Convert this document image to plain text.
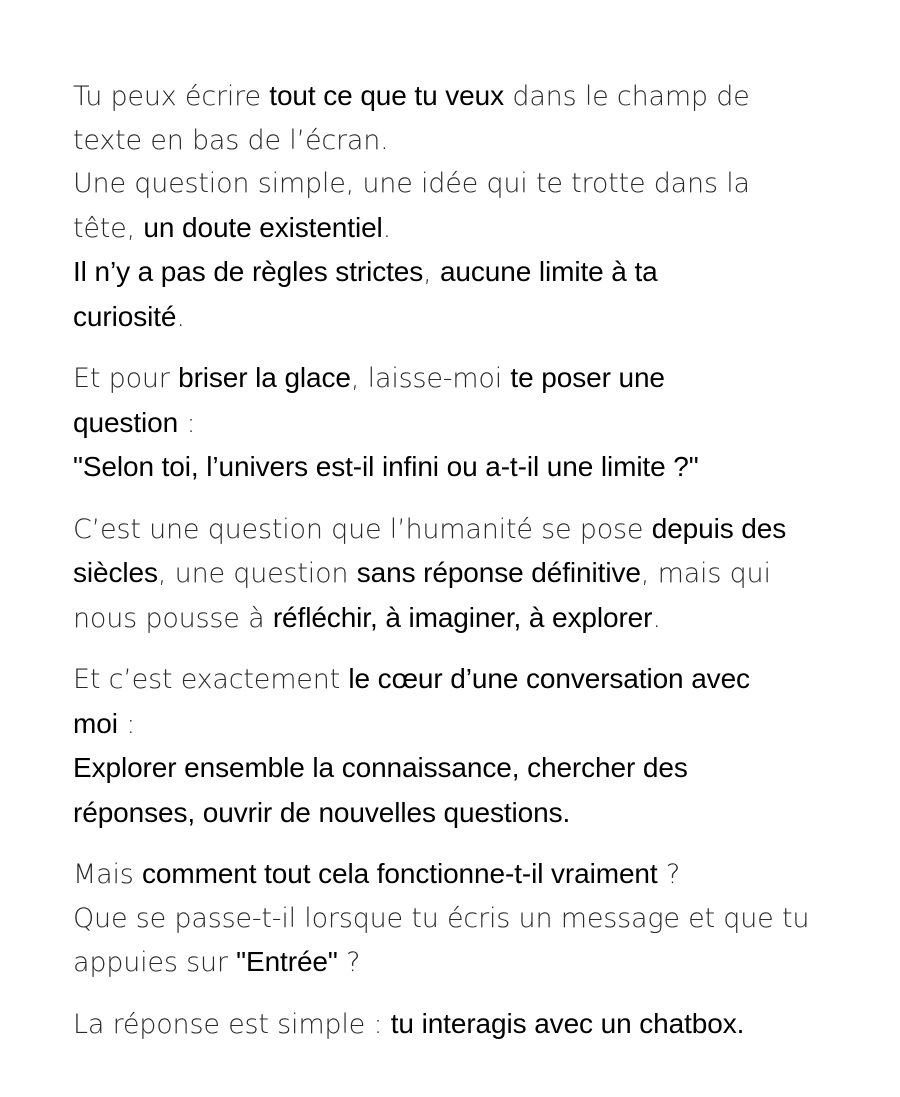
Tu peux écrire tout ce que tu veux dans le champ de
texte en bas de l’écran.
Une question simple, une idée qui te trotte dans la
tête, un doute existentiel.
Il n’y a pas de règles strictes, aucune limite à ta
curiosité.

Et pour briser la glace, laisse-moi te poser une
question :
"Selon toi, l’univers est-il infini ou a-t-il une limite ?"

C’est une question que l’humanité se pose depuis des
siècles, une question sans réponse définitive, mais qui
nous pousse à réfléchir, à imaginer, à explorer.

Et c’est exactement le cœur d’une conversation avec
moi :
Explorer ensemble la connaissance, chercher des
réponses, ouvrir de nouvelles questions.

Mais comment tout cela fonctionne-t-il vraiment ?
Que se passe-t-il lorsque tu écris un message et que tu
appuies sur "Entrée" ?

La réponse est simple : tu interagis avec un chatbox.
